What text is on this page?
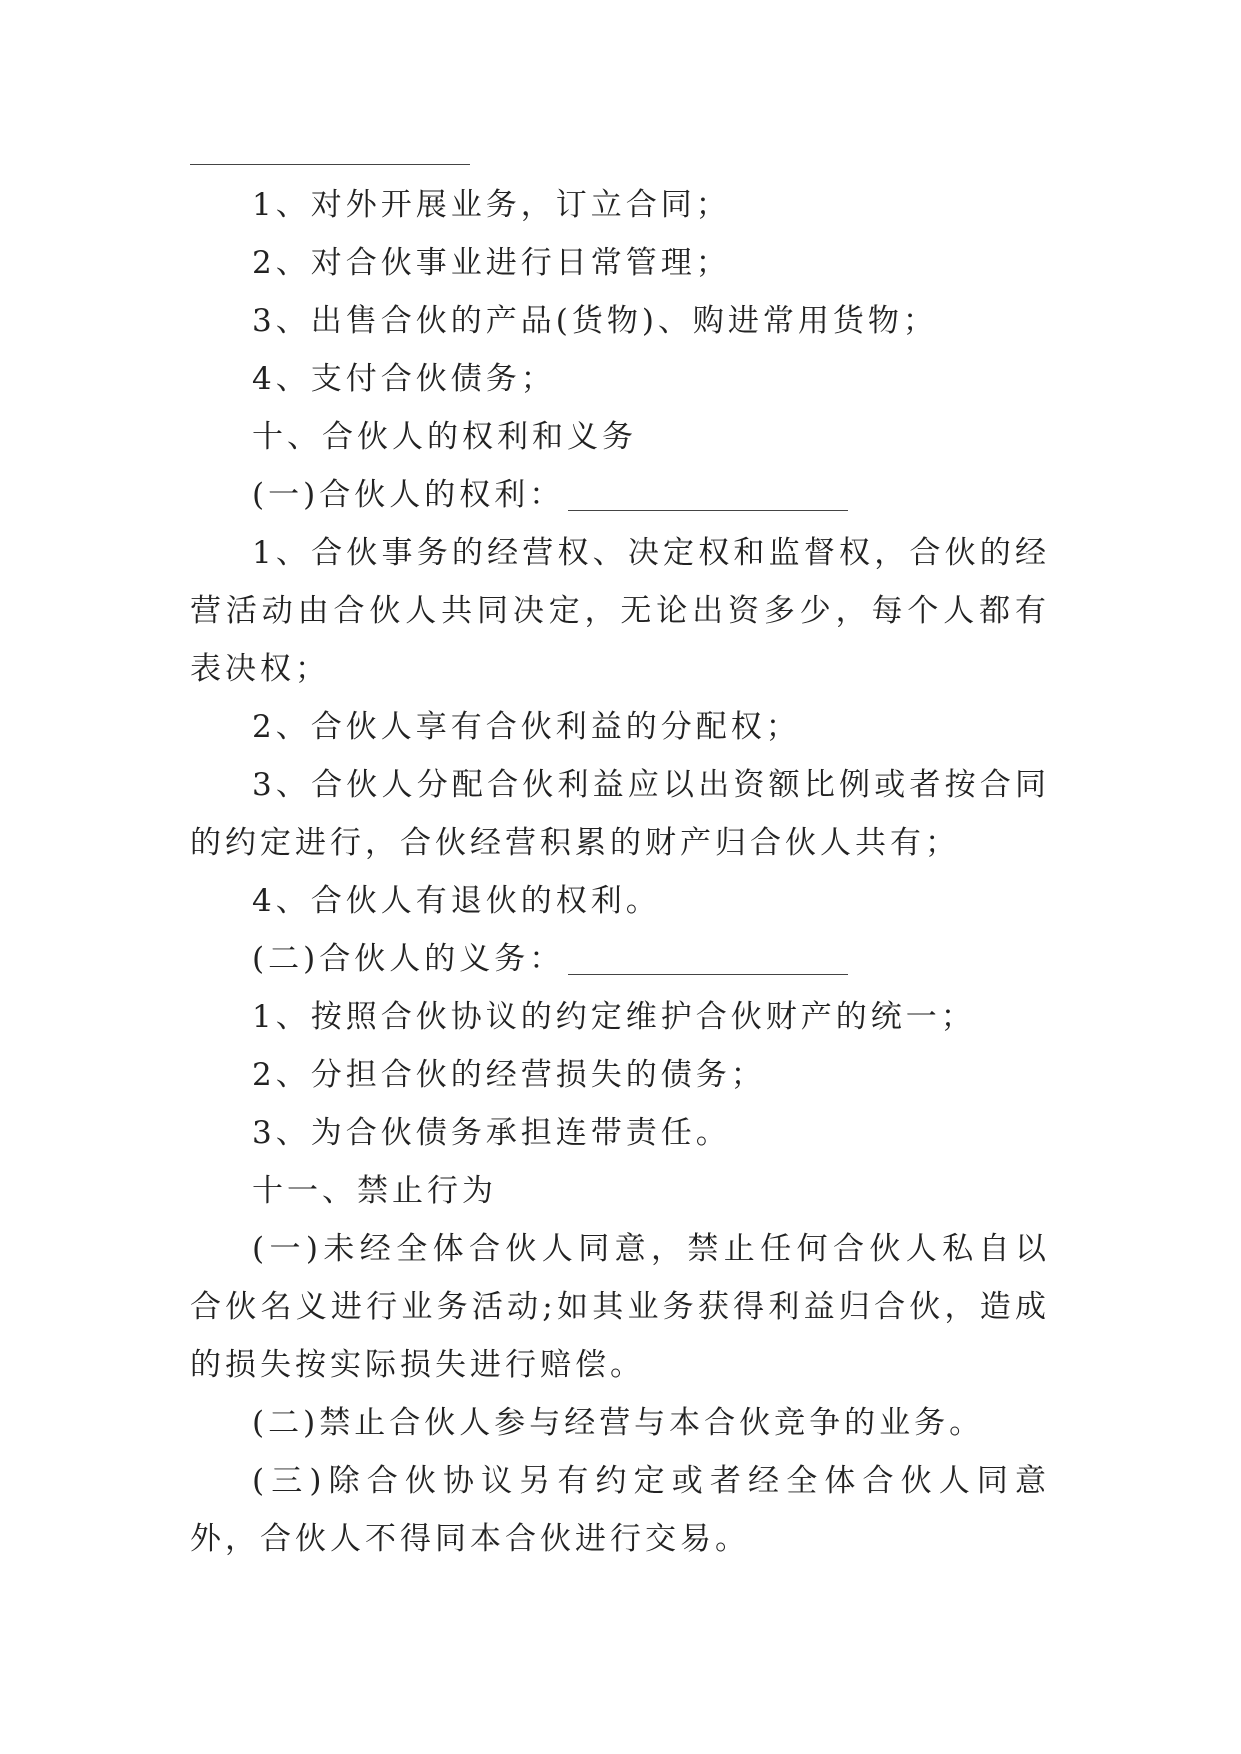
1、对外开展业务，订立合同；

2、对合伙事业进行日常管理；

3、出售合伙的产品(货物)、购进常用货物；

4、支付合伙债务；

十、合伙人的权利和义务

(一)合伙人的权利：

1、合伙事务的经营权、决定权和监督权，合伙的经营活动由合伙人共同决定，无论出资多少，每个人都有表决权；

2、合伙人享有合伙利益的分配权；

3、合伙人分配合伙利益应以出资额比例或者按合同的约定进行，合伙经营积累的财产归合伙人共有；

4、合伙人有退伙的权利。

(二)合伙人的义务：

1、按照合伙协议的约定维护合伙财产的统一；

2、分担合伙的经营损失的债务；

3、为合伙债务承担连带责任。

十一、禁止行为

(一)未经全体合伙人同意，禁止任何合伙人私自以合伙名义进行业务活动;如其业务获得利益归合伙，造成的损失按实际损失进行赔偿。

(二)禁止合伙人参与经营与本合伙竞争的业务。

(三)除合伙协议另有约定或者经全体合伙人同意外，合伙人不得同本合伙进行交易。
